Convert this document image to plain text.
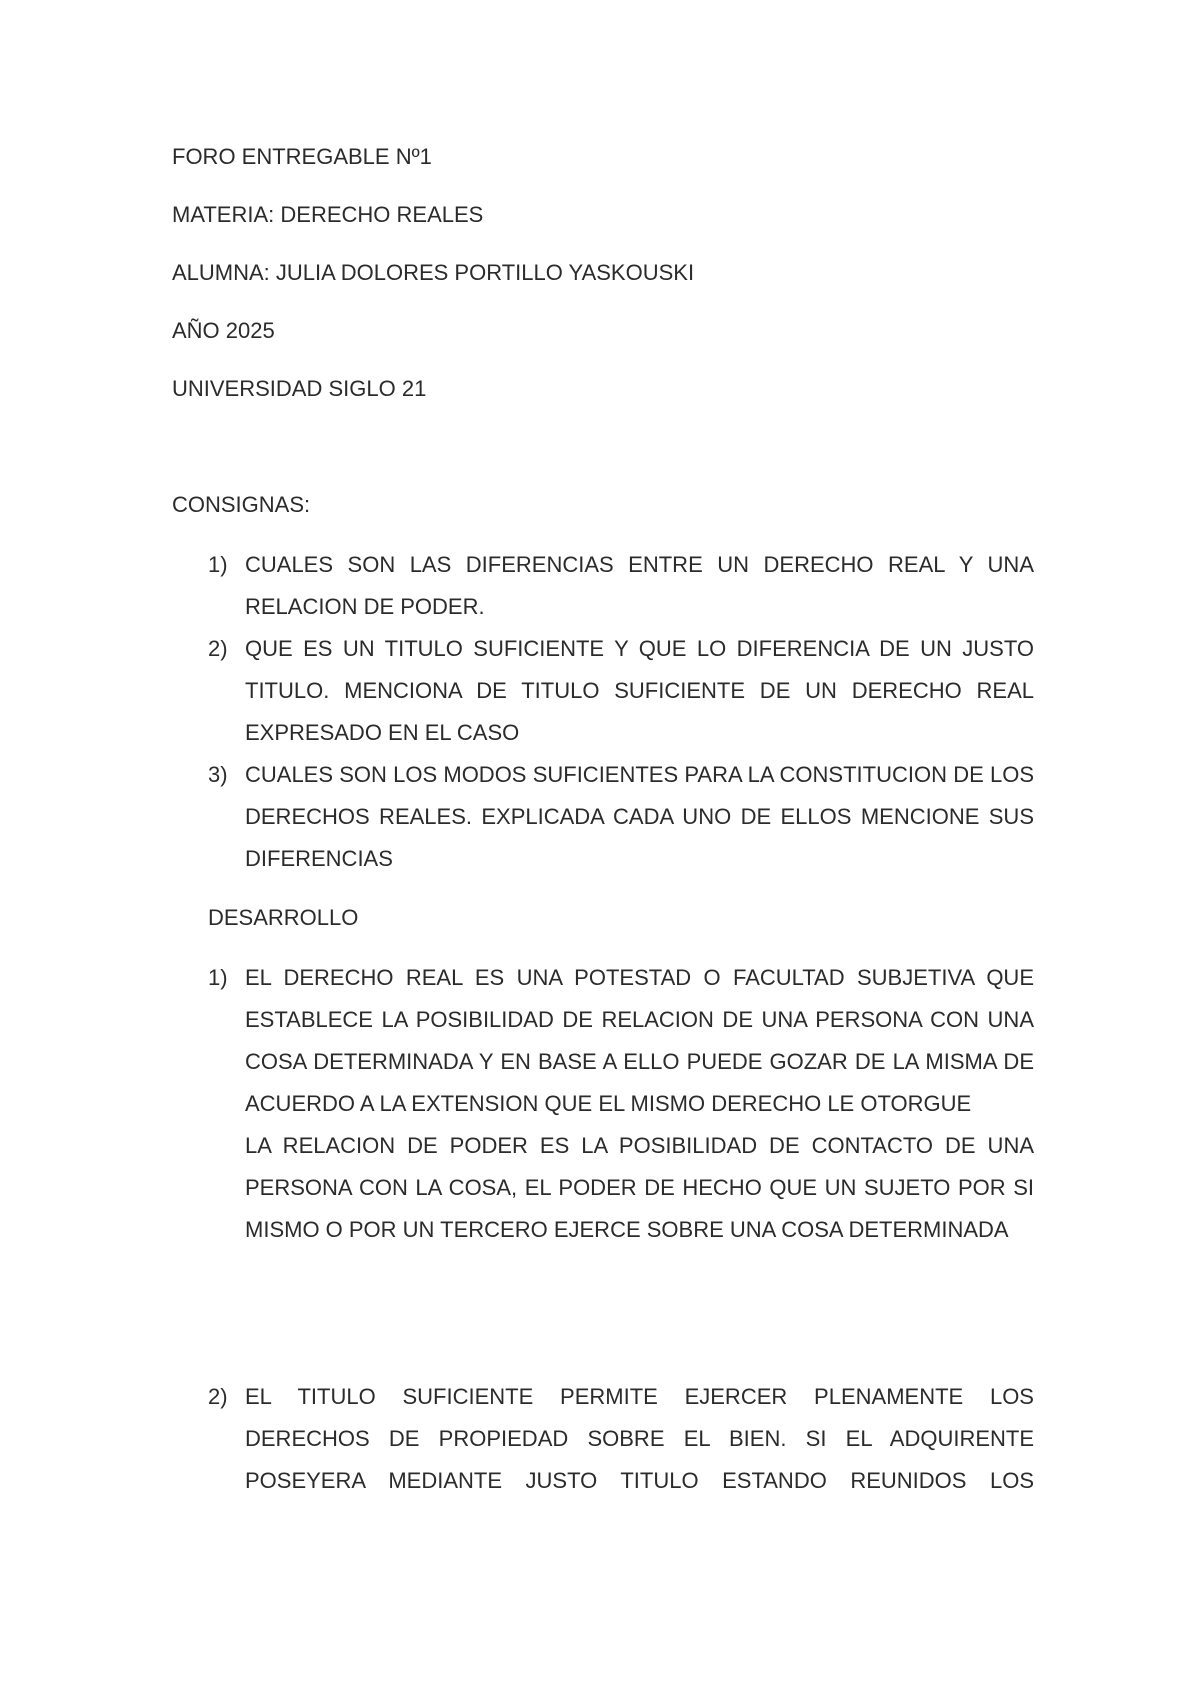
FORO ENTREGABLE Nº1

MATERIA: DERECHO REALES

ALUMNA: JULIA DOLORES PORTILLO YASKOUSKI

AÑO 2025

UNIVERSIDAD SIGLO 21

CONSIGNAS:

1) CUALES SON LAS DIFERENCIAS ENTRE UN DERECHO REAL Y UNA RELACION DE PODER.
2) QUE ES UN TITULO SUFICIENTE Y QUE LO DIFERENCIA DE UN JUSTO TITULO. MENCIONA DE TITULO SUFICIENTE DE UN DERECHO REAL EXPRESADO EN EL CASO
3) CUALES SON LOS MODOS SUFICIENTES PARA LA CONSTITUCION DE LOS DERECHOS REALES. EXPLICADA CADA UNO DE ELLOS MENCIONE SUS DIFERENCIAS

DESARROLLO

1) EL DERECHO REAL ES UNA POTESTAD O FACULTAD SUBJETIVA QUE ESTABLECE LA POSIBILIDAD DE RELACION DE UNA PERSONA CON UNA COSA DETERMINADA Y EN BASE A ELLO PUEDE GOZAR DE LA MISMA DE ACUERDO A LA EXTENSION QUE EL MISMO DERECHO LE OTORGUE

LA RELACION DE PODER ES LA POSIBILIDAD DE CONTACTO DE UNA PERSONA CON LA COSA, EL PODER DE HECHO QUE UN SUJETO POR SI MISMO O POR UN TERCERO EJERCE SOBRE UNA COSA DETERMINADA

2) EL TITULO SUFICIENTE PERMITE EJERCER PLENAMENTE LOS DERECHOS DE PROPIEDAD SOBRE EL BIEN. SI EL ADQUIRENTE POSEYERA MEDIANTE JUSTO TITULO ESTANDO REUNIDOS LOS
